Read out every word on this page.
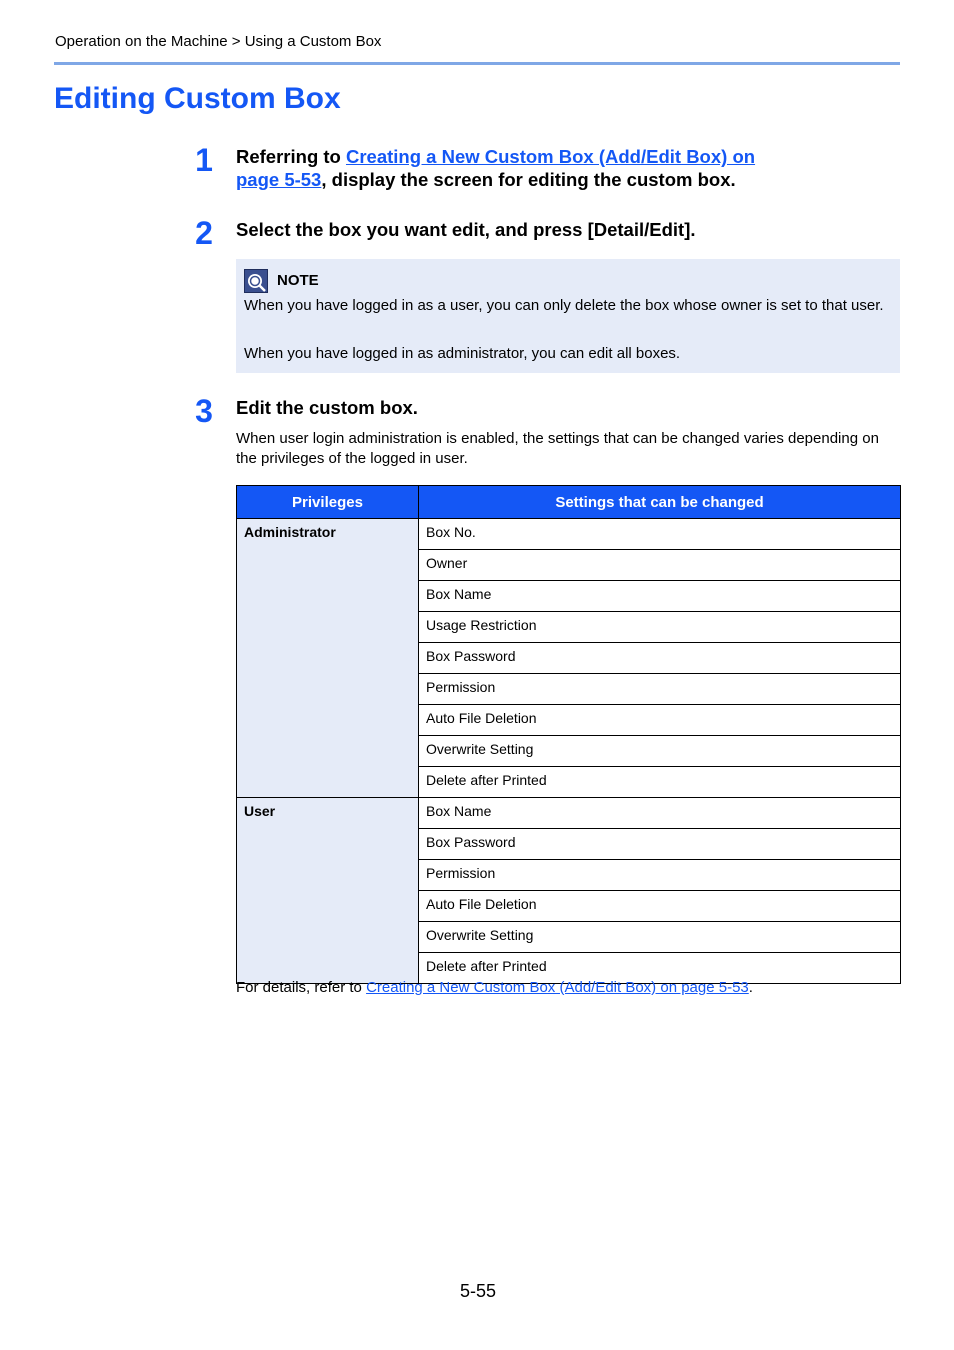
Operation on the Machine > Using a Custom Box
Editing Custom Box
1 Referring to Creating a New Custom Box (Add/Edit Box) on
page 5-53, display the screen for editing the custom box.
2 Select the box you want edit, and press [Detail/Edit].
NOTE

When you have logged in as a user, you can only delete the box whose owner is set to that user.

When you have logged in as administrator, you can edit all boxes.

3 Edit the custom box.
When user login administration is enabled, the settings that can be changed varies depending on the privileges of the logged in user.
Privileges	Settings that can be changed
Administrator	Box No.
	Owner
	Box Name
	Usage Restriction
	Box Password
	Permission
	Auto File Deletion
	Overwrite Setting
	Delete after Printed
User	Box Name
	Box Password
	Permission
	Auto File Deletion
	Overwrite Setting
	Delete after Printed
For details, refer to Creating a New Custom Box (Add/Edit Box) on page 5-53.
5-55
